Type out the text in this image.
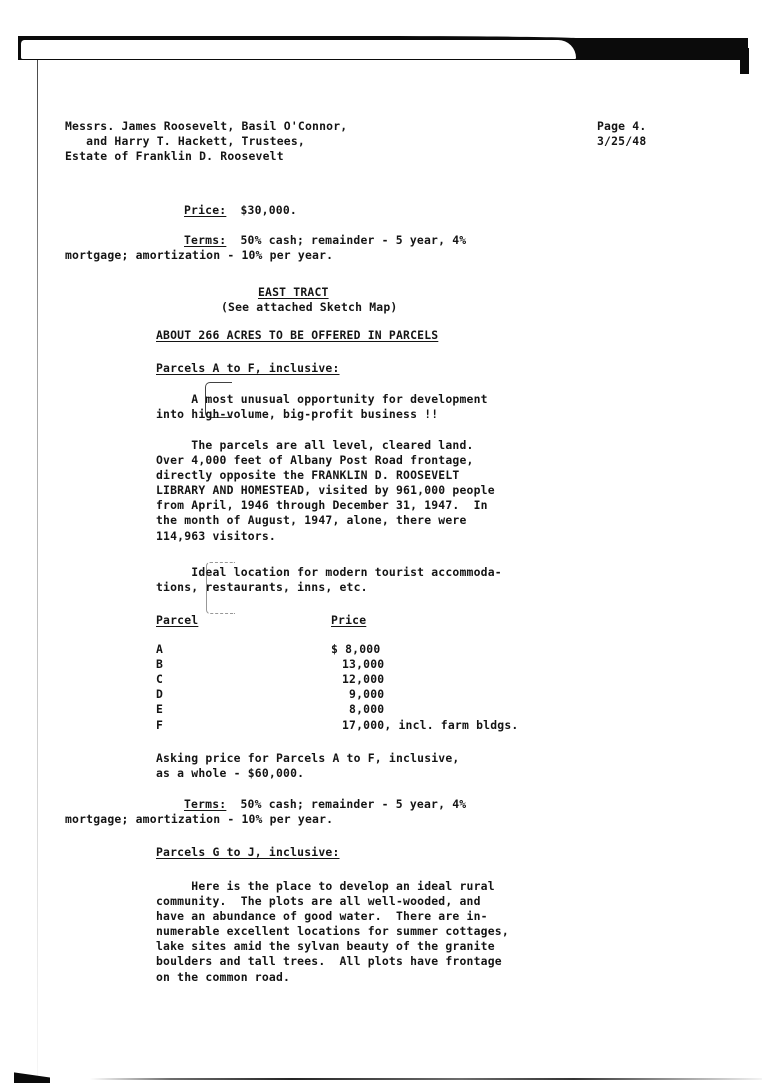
Messrs. James Roosevelt, Basil O'Connor,
and Harry T. Hackett, Trustees,
Estate of Franklin D. Roosevelt
Page 4.
3/25/48
Price: $30,000.
Terms: 50% cash; remainder - 5 year, 4%
mortgage; amortization - 10% per year.
EAST TRACT
(See attached Sketch Map)
ABOUT 266 ACRES TO BE OFFERED IN PARCELS
Parcels A to F, inclusive:
A most unusual opportunity for development
into high-volume, big-profit business !!
The parcels are all level, cleared land.
Over 4,000 feet of Albany Post Road frontage,
directly opposite the FRANKLIN D. ROOSEVELT
LIBRARY AND HOMESTEAD, visited by 961,000 people
from April, 1946 through December 31, 1947.  In
the month of August, 1947, alone, there were
114,963 visitors.
Ideal location for modern tourist accommoda-
tions, restaurants, inns, etc.
Parcel	Price
A	$ 8,000
B	13,000
C	12,000
D	9,000
E	8,000
F	17,000, incl. farm bldgs.
Asking price for Parcels A to F, inclusive,
as a whole - $60,000.
Terms: 50% cash; remainder - 5 year, 4%
mortgage; amortization - 10% per year.
Parcels G to J, inclusive:
Here is the place to develop an ideal rural
community.  The plots are all well-wooded, and
have an abundance of good water.  There are in-
numerable excellent locations for summer cottages,
lake sites amid the sylvan beauty of the granite
boulders and tall trees.  All plots have frontage
on the common road.
